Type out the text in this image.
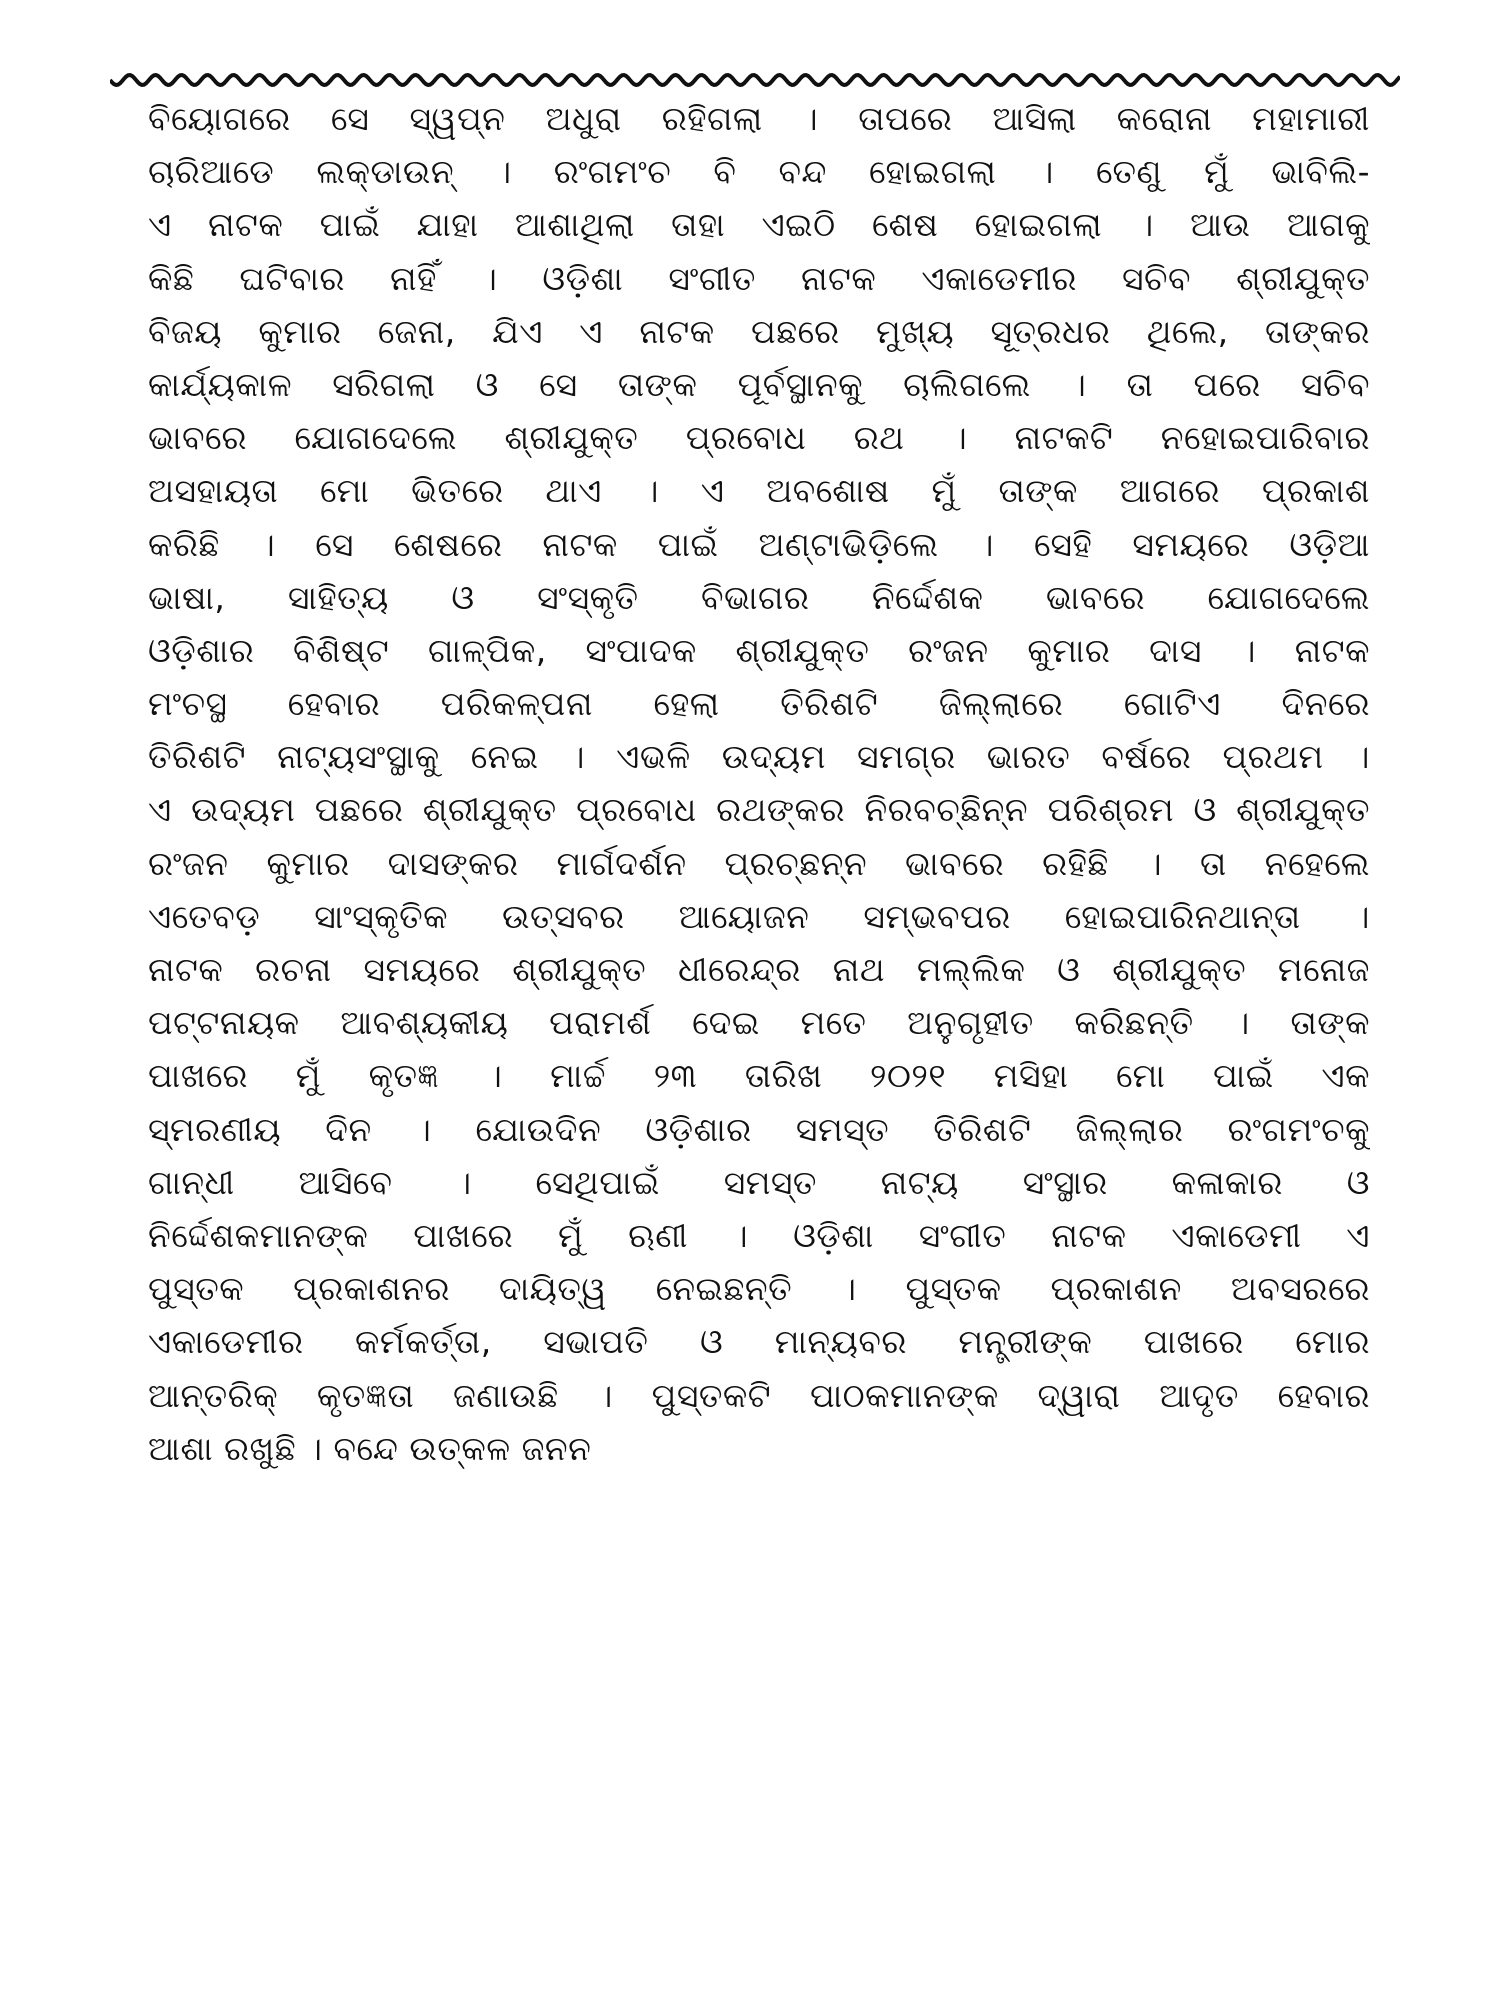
ବିୟୋଗରେ ସେ ସ୍ୱପ୍ନ ଅଧୁରା ରହିଗଲା । ତାପରେ ଆସିଲା କରୋନା ମହାମାରୀ
ଚାରିଆଡେ ଲକ୍‌ଡାଉନ୍ । ରଂଗମଂଚ ବି ବନ୍ଦ ହୋଇଗଲା । ତେଣୁ ମୁଁ ଭାବିଲି-
ଏ ନାଟକ ପାଇଁ ଯାହା ଆଶାଥିଲା ତାହା ଏଇଠି ଶେଷ ହୋଇଗଲା । ଆଉ ଆଗକୁ
କିଛି ଘଟିବାର ନାହିଁ । ଓଡ଼ିଶା ସଂଗୀତ ନାଟକ ଏକାଡେମୀର ସଚିବ ଶ୍ରୀଯୁକ୍ତ
ବିଜୟ କୁମାର ଜେନା, ଯିଏ ଏ ନାଟକ ପଛରେ ମୁଖ୍ୟ ସୂତ୍ରଧର ଥିଲେ, ତାଙ୍କର
କାର୍ଯ୍ୟକାଳ ସରିଗଲା ଓ ସେ ତାଙ୍କ ପୂର୍ବସ୍ଥାନକୁ ଚାଲିଗଲେ । ତା ପରେ ସଚିବ
ଭାବରେ ଯୋଗଦେଲେ ଶ୍ରୀଯୁକ୍ତ ପ୍ରବୋଧ ରଥ । ନାଟକଟି ନହୋଇପାରିବାର
ଅସହାୟତା ମୋ ଭିତରେ ଥାଏ । ଏ ଅବଶୋଷ ମୁଁ ତାଙ୍କ ଆଗରେ ପ୍ରକାଶ
କରିଛି । ସେ ଶେଷରେ ନାଟକ ପାଇଁ ଅଣ୍ଟାଭିଡ଼ିଲେ । ସେହି ସମୟରେ ଓଡ଼ିଆ
ଭାଷା, ସାହିତ୍ୟ ଓ ସଂସ୍କୃତି ବିଭାଗର ନିର୍ଦ୍ଦେଶକ ଭାବରେ ଯୋଗଦେଲେ
ଓଡ଼ିଶାର ବିଶିଷ୍ଟ ଗାଳ୍ପିକ, ସଂପାଦକ ଶ୍ରୀଯୁକ୍ତ ରଂଜନ କୁମାର ଦାସ । ନାଟକ
ମଂଚସ୍ଥ ହେବାର ପରିକଳ୍ପନା ହେଲା ତିରିଶଟି ଜିଲ୍ଲାରେ ଗୋଟିଏ ଦିନରେ
ତିରିଶଟି ନାଟ୍ୟସଂସ୍ଥାକୁ ନେଇ । ଏଭଳି ଉଦ୍ୟମ ସମଗ୍ର ଭାରତ ବର୍ଷରେ ପ୍ରଥମ ।
ଏ ଉଦ୍ୟମ ପଛରେ ଶ୍ରୀଯୁକ୍ତ ପ୍ରବୋଧ ରଥଙ୍କର ନିରବଚ୍ଛିନ୍ନ ପରିଶ୍ରମ ଓ ଶ୍ରୀଯୁକ୍ତ
ରଂଜନ କୁମାର ଦାସଙ୍କର ମାର୍ଗଦର୍ଶନ ପ୍ରଚ୍ଛନ୍ନ ଭାବରେ ରହିଛି । ତା ନହେଲେ
ଏତେବଡ଼ ସାଂସ୍କୃତିକ ଉତ୍ସବର ଆୟୋଜନ ସମ୍ଭବପର ହୋଇପାରିନଥାନ୍ତା ।
ନାଟକ ରଚନା ସମୟରେ ଶ୍ରୀଯୁକ୍ତ ଧୀରେନ୍ଦ୍ର ନାଥ ମଲ୍ଲିକ ଓ ଶ୍ରୀଯୁକ୍ତ ମନୋଜ
ପଟ୍ଟନାୟକ ଆବଶ୍ୟକୀୟ ପରାମର୍ଶ ଦେଇ ମତେ ଅନୁଗୃହୀତ କରିଛନ୍ତି । ତାଙ୍କ
ପାଖରେ ମୁଁ କୃତଜ୍ଞ । ମାର୍ଚ୍ଚ ୨୩ ତାରିଖ ୨୦୨୧ ମସିହା ମୋ ପାଇଁ ଏକ
ସ୍ମରଣୀୟ ଦିନ । ଯୋଉଦିନ ଓଡ଼ିଶାର ସମସ୍ତ ତିରିଶଟି ଜିଲ୍ଲାର ରଂଗମଂଚକୁ
ଗାନ୍ଧୀ ଆସିବେ । ସେଥିପାଇଁ ସମସ୍ତ ନାଟ୍ୟ ସଂସ୍ଥାର କଳାକାର ଓ
ନିର୍ଦ୍ଦେଶକମାନଙ୍କ ପାଖରେ ମୁଁ ଋଣୀ । ଓଡ଼ିଶା ସଂଗୀତ ନାଟକ ଏକାଡେମୀ ଏ
ପୁସ୍ତକ ପ୍ରକାଶନର ଦାୟିତ୍ୱ ନେଇଛନ୍ତି । ପୁସ୍ତକ ପ୍ରକାଶନ ଅବସରରେ
ଏକାଡେମୀର କର୍ମକର୍ତ୍ତା, ସଭାପତି ଓ ମାନ୍ୟବର ମନ୍ତ୍ରୀଙ୍କ ପାଖରେ ମୋର
ଆନ୍ତରିକ୍ କୃତଜ୍ଞତା ଜଣାଉଛି । ପୁସ୍ତକଟି ପାଠକମାନଙ୍କ ଦ୍ୱାରା ଆଦୃତ ହେବାର
ଆଶା ରଖୁଛି । ବନ୍ଦେ ଉତ୍କଳ ଜନନ
